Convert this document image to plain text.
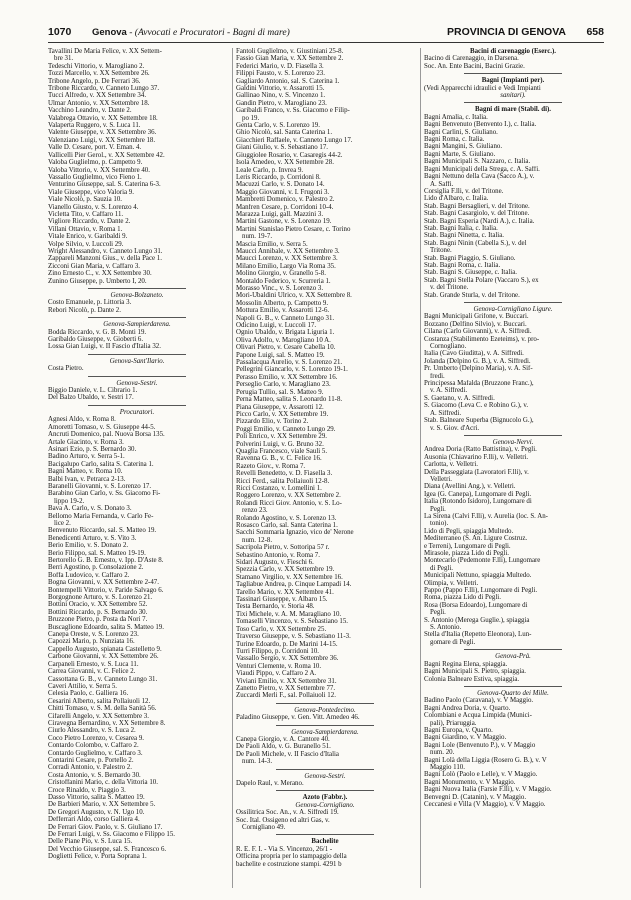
1070 Genova - (Avvocati e Procuratori - Bagni di mare)	PROVINCIA DI GENOVA 658
Tavallini De Maria Felice, v. XX Settem-
bre 31.
Tedeschi Vittorio, v. Marogliano 2.
Tozzi Marcello, v. XX Settembre 26.
Tribone Angelo, p. De Ferrari 36.
Tribone Riccardo, v. Canneto Lungo 37.
Tucci Alfredo, v. XX Settembre 34.
Ulmar Antonio, v. XX Settembre 18.
Vacchino Leandro, v. Dante 2.
Valabrega Ottavio, v. XX Settembre 18.
Valaperta Ruggero, v. S. Luca 11.
Valente Giuseppe, v. XX Settembre 36.
Valenziano Luigi, v. XX Settembre 18.
Valle D. Cesare, port. V. Eman. 4.
Vallicelli Pier Gerol., v. XX Settembre 42.
Valoba Guglielmo, p. Campetto 9.
Valoba Vittorio, v. XX Settembre 40.
Vassallo Guglielmo, vico Fieno 1.
Venturino Giuseppe, sal. S. Caterina 6-3.
Viale Giuseppe, vico Valoria 9.
Viale Nicolò, p. Sauzia 10.
Vianello Giusto, v. S. Lorenzo 4.
Vicletta Tito, v. Caffaro 11.
Vigliore Riccardo, v. Dante 2.
Villani Ottavio, v. Roma 1.
Vitale Enrico, v. Garibaldi 9.
Volpe Silvio, v. Luccoli 29.
Wright Alessandro, v. Canneto Lungo 31.
Zappareli Manzoni Gius., v. della Pace 1.
Zicconi Gian Maria, v. Caffaro 3.
Zino Ernesto C., v. XX Settembre 30.
Zunino Giuseppe, p. Umberto I, 20.
Genova-Bolzaneto.
Costo Emanuele, p. Littoria 3.
Rebori Nicolò, p. Dante 2.
Genova-Sampierdarena.
Bodda Riccardo, v. G. B. Monti 19.
Garibaldo Giuseppe, v. Gioberti 6.
Lossa Gian Luigi, v. II Fascio d'Italia 32.
Genova-Sant'Ilario.
Costa Pietro.
Genova-Sestri.
Biggio Daniele, v. L. Cibrario 1.
Del Balzo Ubaldo, v. Sestri 17.
Procuratori.
Agnesi Aldo, v. Roma 8.
Amoretti Tomaso, v. S. Giuseppe 44-5.
Ancruti Domenico, pal. Nuova Borsa 135.
Artale Giacinto, v. Roma 3.
Asinari Ezio, p. S. Bernardo 30.
Badino Arturo, v. Serra 5-1.
Bacigalupo Carlo, salita S. Caterina 1.
Bagni Matteo, v. Roma 10.
Balbi Ivan, v. Petrarca 2-13.
Baranelli Giovanni, v. S. Lorenzo 17.
Barabino Gian Carlo, v. Ss. Giacomo Fi-
lippo 19-2.
Bava A. Carlo, v. S. Donato 3.
Bellomo Maria Fernanda, v. Carlo Fe-
lice 2.
Benvenuto Riccardo, sal. S. Matteo 19.
Benedicenti Arturo, v. S. Vito 3.
Berio Emilio, v. S. Donato 2.
Berio Filippo, sal. S. Matteo 19-19.
Bertorello G. B. Ernesto, v. Ipp. D'Aste 8.
Berri Agostino, p. Consolazione 2.
Boffa Ludovico, v. Caffaro 2.
Bogna Giovanni, v. XX Settembre 2-47.
Bontempelli Vittorio, v. Paride Salvago 6.
Borgognone Arturo, v. S. Lorenzo 21.
Bottini Oracio, v. XX Settembre 52.
Bottini Riccardo, p. S. Bernardo 30.
Bruzzone Pietro, p. Posta da Nori 7.
Buscaglione Edoardo, salita S. Matteo 19.
Canepa Oreste, v. S. Lorenzo 23.
Capozzi Mario, p. Nunziata 16.
Cappello Augusto, spianata Castelletto 9.
Carbone Giovanni, v. XX Settembre 26.
Carpaneli Ernesto, v. S. Luca 11.
Carrea Giovanni, v. C. Felice 2.
Cassottana G. B., v. Canneto Lungo 31.
Caveri Attilio, v. Serra 5.
Celesia Paolo, c. Galliera 16.
Cesarini Alberto, salita Pollaiuoli 12.
Chitti Tomaso, v. S. M. della Sanità 56.
Cifarelli Angelo, v. XX Settembre 3.
Ciravegna Bernardino, v. XX Settembre 8.
Ciurlo Alessandro, v. S. Luca 2.
Coco Pietro Lorenzo, v. Cesarea 9.
Contardo Colombo, v. Caffaro 2.
Contardo Guglielmo, v. Caffaro 3.
Contarini Cesare, p. Portello 2.
Corradi Antonio, v. Palestro 2.
Costa Antonio, v. S. Bernardo 30.
Cristoffanini Mario, c. della Vittoria 10.
Croce Rinaldo, v. Piaggio 3.
Dasso Vittorio, salita S. Matteo 19.
De Barbieri Mario, v. XX Settembre 5.
De Gregori Augusto, v. N. Ugo 10.
Defferrari Aldo, corso Galliera 4.
De Ferrari Giov. Paolo, v. S. Giuliano 17.
De Ferrari Luigi, v. Ss. Giacomo e Filippo 15.
Delle Piane Pio, v. S. Luca 15.
Del Vecchio Giuseppe, sal. S. Francesco 6.
Doglietti Felice, v. Porta Soprana 1.
Fantoli Guglielmo, v. Giustiniani 25-8.
Fassio Gian Maria, v. XX Settembre 2.
Federici Mario, v. D. Fiasella 3.
Filippi Fausto, v. S. Lorenzo 23.
Gagliardo Antonio, sal. S. Caterina 1.
Galdini Vittorio, v. Assarotti 15.
Gallinao Nino, v. S. Vincenzo 1.
Gandin Pietro, v. Marogliano 23.
Garibaldi Franco, v. Ss. Giacomo e Filip-
po 19.
Genta Carlo, v. S. Lorenzo 19.
Ghio Nicolò, sal. Santa Caterina 1.
Giacchieri Raffaele, v. Canneto Lungo 17.
Giani Giulio, v. S. Sebastiano 17.
Giuggiolee Rosario, v. Casaregis 44-2.
Isola Amedeo, v. XX Settembre 28.
Leale Carlo, p. Invrea 9.
Leris Riccardo, p. Corridoni 8.
Macuzzi Carlo, v. S. Donato 14.
Maggio Giovanni, v. I. Frugoni 3.
Mambretti Domenico, v. Palestro 2.
Manfren Cesare, p. Corridoni 10-4.
Marazza Luigi, gall. Mazzini 3.
Martini Gastone, v. S. Lorenzo 19.
Martini Stanislao Pietro Cesare, c. Torino
num. 19-7.
Mascia Emilio, v. Serra 5.
Maucci Annibale, v. XX Settembre 3.
Maucci Lorenzo, v. XX Settembre 3.
Milano Emilio, Largo Via Roma 35.
Molino Giorgio, v. Granello 5-8.
Montaldo Federico, v. Scurreria 1.
Morasso Vinc., v. S. Lorenzo 3.
Mori-Ubaldini Ulrico, v. XX Settembre 8.
Mossolin Alberto, p. Campetto 9.
Mottura Emilio, v. Assarotti 12-6.
Napoli G. B., v. Canneto Lungo 31.
Odicino Luigi, v. Luccoli 17.
Ognio Ubaldo, v. Brigata Liguria 1.
Oliva Adolfo, v. Marogliano 10 A.
Olivari Pietro, v. Cesare Cabella 10.
Papone Luigi, sal. S. Matteo 19.
Passalacqua Aurelio, v. S. Lorenzo 21.
Pellegrini Giancarlo, v. S. Lorenzo 19-1.
Perasso Emilio, v. XX Settembre 16.
Perseglio Carlo, v. Maragliano 23.
Perugia Tullio, sal. S. Matteo 9.
Perna Matteo, salita S. Leonardo 11-8.
Piana Giuseppe, v. Assarotti 12.
Picco Carlo, v. XX Settembre 19.
Pizzardo Elio, v. Torino 2.
Poggi Emilio, v. Canneto Lungo 29.
Poli Enrico, v. XX Settembre 29.
Polverini Luigi, v. G. Bruno 32.
Quaglia Francesco, viale Sauli 5.
Ravenna G. B., v. C. Felice 16.
Razeto Giov., v. Roma 7.
Revelli Benedetto, v. D. Fiasella 3.
Ricci Ferd., salita Pollaiuoli 12-8.
Ricci Costanzo, v. Lomellini 1.
Roggero Lorenzo, v. XX Settembre 2.
Rolandi Ricci Giov. Antonio, v. S. Lo-
renzo 23.
Rolando Agostino, v. S. Lorenzo 13.
Rosasco Carlo, sal. Santa Caterina 1.
Sacchi Sommaria Ignazio, vico de' Nerone
num. 12-8.
Sacripola Pietro, v. Sottoripa 57 r.
Sebastino Antonio, v. Roma 7.
Sidari Augusto, v. Fieschi 6.
Spezzia Carlo, v. XX Settembre 19.
Stamano Virgilio, v. XX Settembre 16.
Tagliabue Andrea, p. Cinque Lampadi 14.
Tarello Mario, v. XX Settembre 41.
Tassinari Giuseppe, v. Albaro 15.
Testa Bernardo, v. Storia 48.
Tixi Michele, v. A. M. Maragliano 10.
Tomaselli Vincenzo, v. S. Sebastiano 15.
Toso Carlo, v. XX Settembre 25.
Traverso Giuseppe, v. S. Sebastiano 11-3.
Turine Edoardo, p. De Marini 14-15.
Turri Filippo, p. Corridoni 10.
Vassallo Sergio, v. XX Settembre 36.
Venturi Clemente, v. Roma 10.
Viaudi Pippo, v. Caffaro 2 A.
Viviani Emilio, v. XX Settembre 31.
Zanetto Pietro, v. XX Settembre 77.
Zuccardi Merli F., sal. Pollaiuoli 12.
Genova-Pontedecimo.
Paladino Giuseppe, v. Gen. Vitt. Amedeo 46.
Genova-Sampierdarena.
Canepa Giorgio, v. A. Cantore 40.
De Paoli Aldo, v. G. Buranello 51.
De Paoli Michele, v. II Fascio d'Italia
num. 14-3.
Genova-Sestri.
Dapelo Raul, v. Merano.
Azoto (Fabbr.).
Genova-Cornigliano.
Ossilitrica Soc. An., v. A. Siffredi 19.
Soc. Ital. Ossigeno ed altri Gas, v.
Cornigliano 49.
Bachelite
R. E. F. I. - Via S. Vincenzo, 26/1 -
Officina propria per lo stampaggio della
bachelite e costruzione stampi. 4291 b
Bacini di carenaggio (Eserc.).
Bacino di Carenaggio, in Darsena.
Soc. An. Ente Bacini, Bacini Grazie.
Bagni (Impianti per).
(Vedi Apparecchi idraulici e Vedi Impianti
sanitari).
Bagni di mare (Stabil. di).
Bagni Amalia, c. Italia.
Bagni Benvenuto (Benvento I.), c. Italia.
Bagni Carlini, S. Giuliano.
Bagni Roma, c. Italia.
Bagni Mangini, S. Giuliano.
Bagni Marte, S. Giuliano.
Bagni Municipali S. Nazzaro, c. Italia.
Bagni Municipali della Strega, c. A. Saffi.
Bagni Nettuno della Cava (Sacco A.), v.
A. Saffi.
Corsiglia F.lli, v. del Tritone.
Lido d'Albaro, c. Italia.
Stab. Bagni Bersaglieri, v. del Tritone.
Stab. Bagni Casargiolo, v. del Tritone.
Stab. Bagni Esperia (Nardi A.), c. Italia.
Stab. Bagni Italia, c. Italia.
Stab. Bagni Ninetta, c. Italia.
Stab. Bagni Ninin (Cabella S.), v. del
Tritone.
Stab. Bagni Piaggio, S. Giuliano.
Stab. Bagni Roma, c. Italia.
Stab. Bagni S. Giuseppe, c. Italia.
Stab. Bagni Stella Polare (Vaccaro S.), ex
v. del Tritone.
Stab. Grande Sturla, v. del Tritone.
Genova-Cornigliano Ligure.
Bagni Municipali Grifone, v. Buccari.
Bozzano (Delfino Silvio), v. Buccari.
Cilana (Carlo Giovanni), v. A. Siffredi.
Costanza (Stabilimento Ezeteims), v. pro-
Cornogliano.
Italia (Cavo Giuditta), v. A. Siffredi.
Jolanda (Delpino G. B.), v. A. Siffredi.
Pr. Umberto (Delpino Maria), v. A. Sif-
fredi.
Principessa Mafalda (Bruzzone Franc.),
v. A. Siffredi.
S. Gaetano, v. A. Siffredi.
S. Giacomo (Leva C. e Robino G.), v.
A. Siffredi.
Stab. Balneare Superba (Bignucolo G.),
v. S. Giov. d'Acri.
Genova-Nervi.
Andrea Doria (Ratto Battistina), v. Pegli.
Ausonia (Chiavarino F.lli), v. Velletri.
Carlotta, v. Velletri.
Della Passeggiata (Lavoratori F.lli), v.
Velletri.
Diana (Avellini Ang.), v. Velletri.
Igea (G. Canepa), Lungomare di Pegli.
Italia (Rotondo Isidoro), Lungomare di
Pegli.
La Sirena (Calvi F.lli), v. Aurelia (loc. S. An-
tonio).
Lido di Pegli, spiaggia Multedo.
Mediterraneo (S. An. Ligure Costruz.
e Terreni), Lungomare di Pegli.
Mirasole, piazza Lido di Pegli.
Montecarlo (Pedemonte F.lli), Lungomare
di Pegli.
Municipali Nettuno, spiaggia Multedo.
Olimpia, v. Velletri.
Pappo (Pappo F.lli), Lungomare di Pegli.
Roma, piazza Lido di Pegli.
Rosa (Borsa Edoardo), Lungomare di
Pegli.
S. Antonio (Merega Guglie.), spiaggia
S. Antonio.
Stella d'Italia (Repetto Eleonora), Lun-
gomare di Pegli.
Genova-Prà.
Bagni Regina Elena, spiaggia.
Bagni Municipali S. Pietro, spiaggia.
Colonia Balneare Estiva, spiaggia.
Genova-Quarto dei Mille.
Badino Paolo (Caravana), v. V Maggio.
Bagni Andrea Doria, v. Quarto.
Colombiani e Acqua Limpida (Munici-
pali), Priaruggia.
Bagni Europa, v. Quarto.
Bagni Giardino, v. V Maggio.
Bagni Lole (Benvenuto P.), v. V Maggio
num. 20.
Bagni Lolà della Liggia (Rosero G. B.), v. V
Maggio 110.
Bagni Lolò (Paolo e Lelle), v. V Maggio.
Bagni Monumento, v. V Maggio.
Bagni Nuova Italia (Farsie F.lli), v. V Maggio.
Benvegni D. (Catanin), v. V Maggio.
Ceccanesi e Villa (V Maggio), v. V Maggio.
